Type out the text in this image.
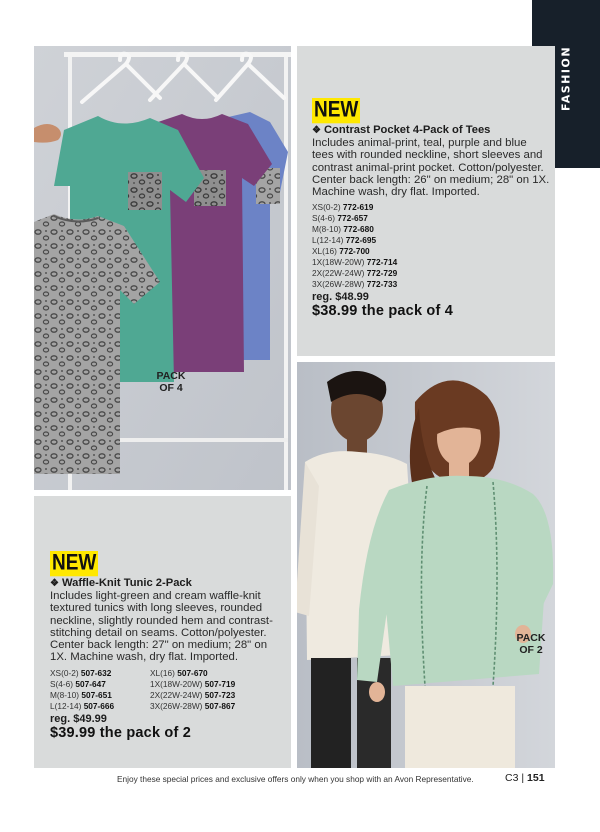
FASHION
NEW
❖ Contrast Pocket 4-Pack of Tees
Includes animal-print, teal, purple and blue tees with rounded neckline, short sleeves and contrast animal-print pocket. Cotton/polyester. Center back length: 26" on medium; 28" on 1X. Machine wash, dry flat. Imported.
XS(0-2) 772-619
S(4-6) 772-657
M(8-10) 772-680
L(12-14) 772-695
XL(16) 772-700
1X(18W-20W) 772-714
2X(22W-24W) 772-729
3X(26W-28W) 772-733
reg. $48.99
$38.99 the pack of 4
PACK
OF 4
NEW
❖ Waffle-Knit Tunic 2-Pack
Includes light-green and cream waffle-knit textured tunics with long sleeves, rounded neckline, slightly rounded hem and contrast-stitching detail on seams. Cotton/polyester. Center back length: 27" on medium; 28" on 1X. Machine wash, dry flat. Imported.
XS(0-2) 507-632
S(4-6) 507-647
M(8-10) 507-651
L(12-14) 507-666
XL(16) 507-670
1X(18W-20W) 507-719
2X(22W-24W) 507-723
3X(26W-28W) 507-867
reg. $49.99
$39.99 the pack of 2
PACK
OF 2
Enjoy these special prices and exclusive offers only when you shop with an Avon Representative.	C3 | 151
